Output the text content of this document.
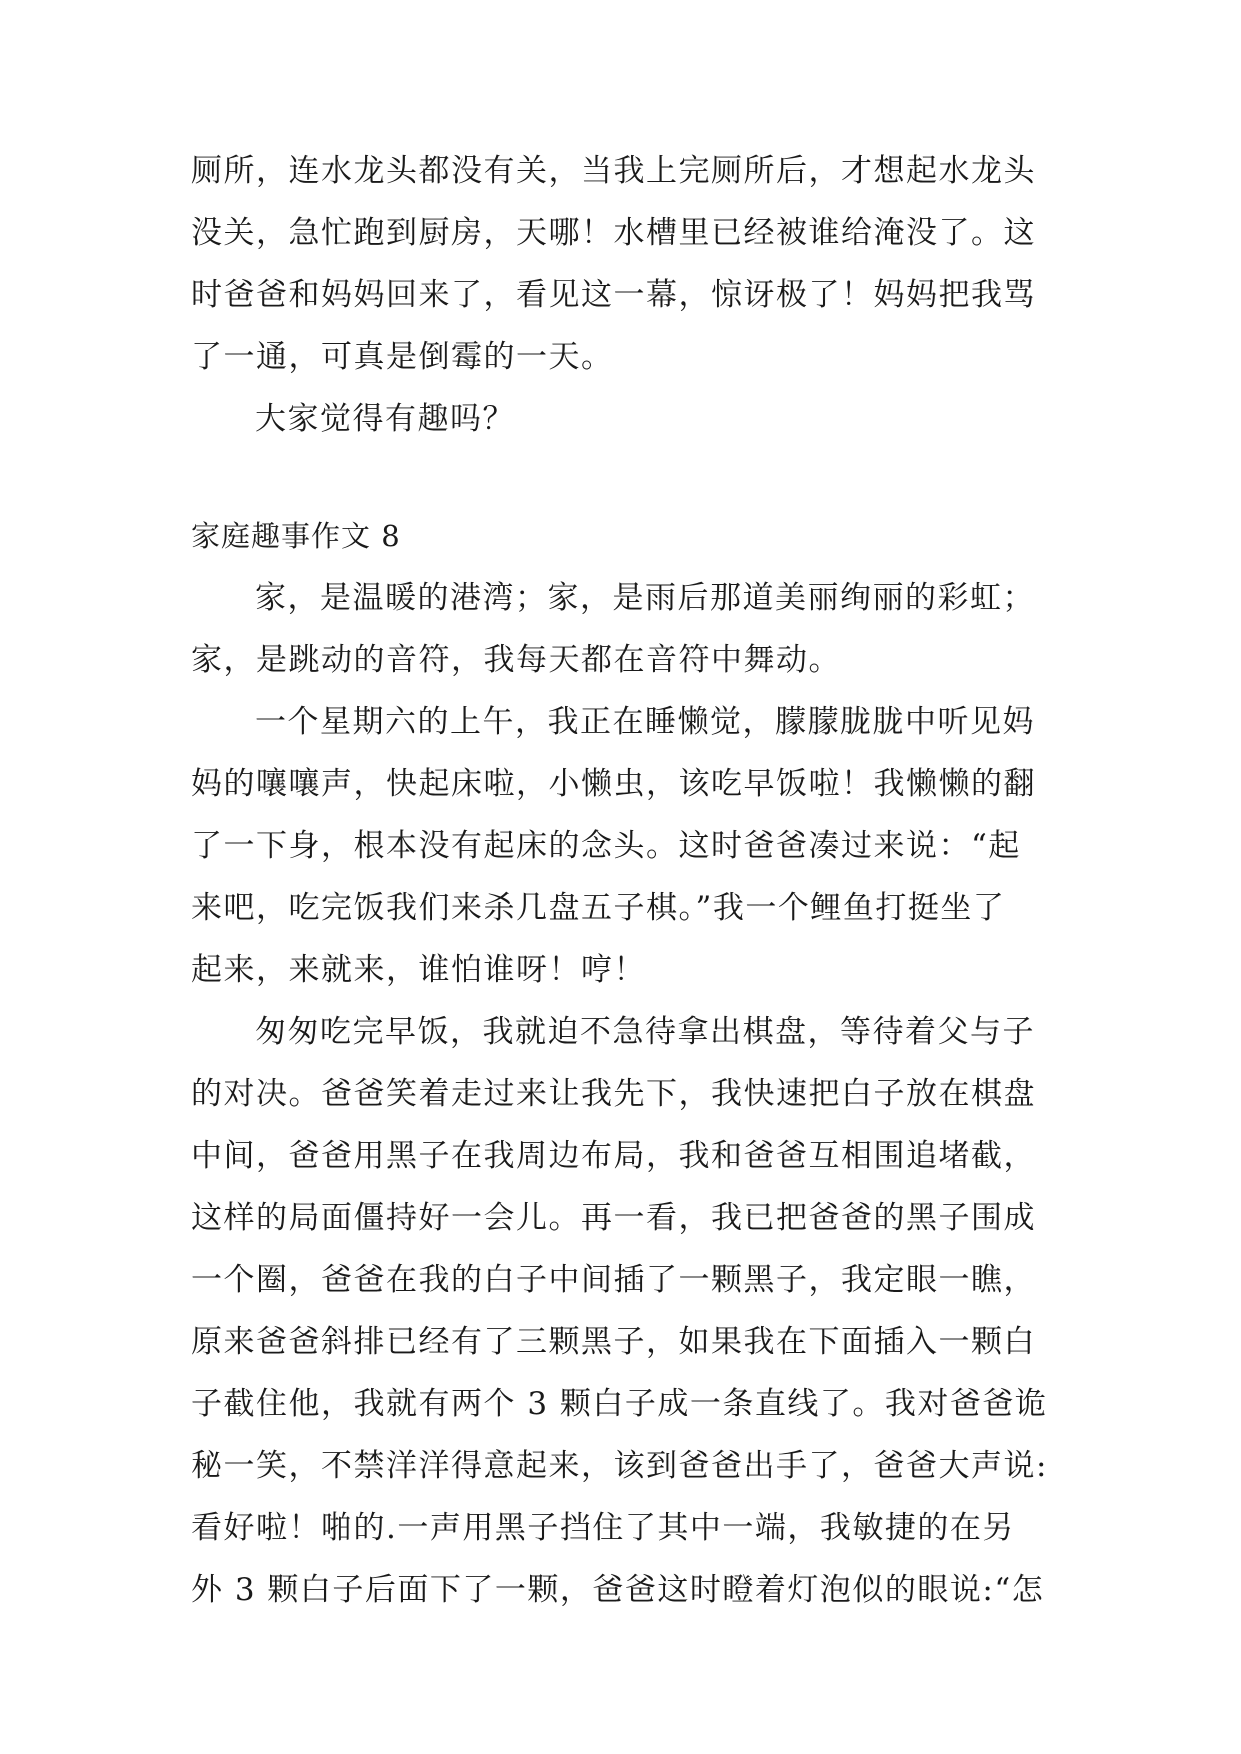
厕所，连水龙头都没有关，当我上完厕所后，才想起水龙头
没关，急忙跑到厨房，天哪！水槽里已经被谁给淹没了。这
时爸爸和妈妈回来了，看见这一幕，惊讶极了！妈妈把我骂
了一通，可真是倒霉的一天。
大家觉得有趣吗？
家庭趣事作文 8
家，是温暖的港湾；家，是雨后那道美丽绚丽的彩虹；
家，是跳动的音符，我每天都在音符中舞动。
一个星期六的上午，我正在睡懒觉，朦朦胧胧中听见妈
妈的嚷嚷声，快起床啦，小懒虫，该吃早饭啦！我懒懒的翻
了一下身，根本没有起床的念头。这时爸爸凑过来说：“起
来吧，吃完饭我们来杀几盘五子棋。”我一个鲤鱼打挺坐了
起来，来就来，谁怕谁呀！哼！
匆匆吃完早饭，我就迫不急待拿出棋盘，等待着父与子
的对决。爸爸笑着走过来让我先下，我快速把白子放在棋盘
中间，爸爸用黑子在我周边布局，我和爸爸互相围追堵截，
这样的局面僵持好一会儿。再一看，我已把爸爸的黑子围成
一个圈，爸爸在我的白子中间插了一颗黑子，我定眼一瞧，
原来爸爸斜排已经有了三颗黑子，如果我在下面插入一颗白
子截住他，我就有两个 3 颗白子成一条直线了。我对爸爸诡
秘一笑，不禁洋洋得意起来，该到爸爸出手了，爸爸大声说:
看好啦！啪的.一声用黑子挡住了其中一端，我敏捷的在另
外 3 颗白子后面下了一颗，爸爸这时瞪着灯泡似的眼说:“怎
